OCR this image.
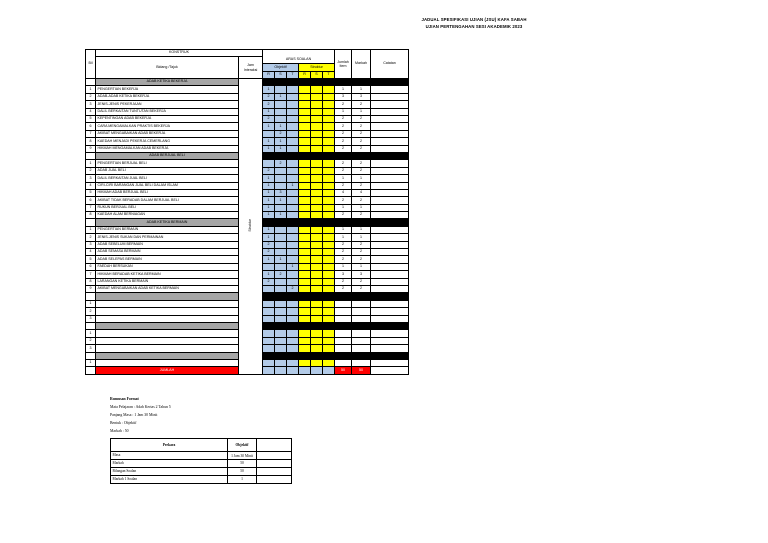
JADUAL SPESIFIKASI UJIAN (JSU) KAFA SABAH
UJIAN PERTENGAHAN SESI AKADEMIK 2023
Bil	KONSTRUK								Jumlah Item	Markah	Catatan
	Bidang /Tajuk	Jam Interaksi	ARAS SOALAN								
			Objektif			Struktur					
			R	S	T	R	S	T			
	ADAB KETIKA BEKERJA	Struktur									
1	PENGERTIAN BEKERJA		1						1	1	
2	ADAB-ADAB KETIKA BEKERJA		2	1					3	3	
3	JENIS-JENIS PEKERJAAN		2						2	2	
4	DALIL BERKAITAN TUNTUTAN BEKERJA		1						1	1	
5	KEPENTINGAN ADAB BEKERJA		2						2	2	
6	CARA MENGAMALKAN PRAKTIS BEKERJA		1	1					2	2	
7	AKIBAT MENGABAIKAN ADAB BEKERJA			2					2	2	
8	KAEDAH MENJADI PEKERJA CEMERLANG		1	1					2	2	
9	HIKMAH MENGAMALKAN ADAB BEKERJA		1	1					2	2	
	ADAB BERJUAL BELI										
1	PENGERTIAN BERJUAL BELI			2					2	2	
2	ADAB JUAL BELI		2						2	2	
3	DALIL BERKAITAN JUAL BELI		1						1	1	
4	CIRI-CIRI BARANGAN JUAL BELI DALAM ISLAM		1		1				2	2	
5	HIKMAH ADAB BERJUAL BELI		1	3					4	4	
6	AKIBAT TIDAK BERADAB DALAM BERJUAL BELI		1	1					2	2	
7	RUKUN BERJUAL BELI		1						1	1	
8	KAEDAH ALAM BERNIAGAN		1	1					2	2	
	ADAB KETIKA BERMAIN										
1	PENGERTIAN BERMAIN		1						1	1	
2	JENIS-JENIS SUKAN DAN PERMAINAN		1						1	1	
3	ADAB SEBELUM BERMAIN		2						2	2	
4	ADAB SEMASA BERMAIN		2						2	2	
5	ADAB SELEPAS BERMAIN		1	1					2	2	
6	FAEDAH BERSUKAN				1				1	1	
7	HIKMAH BERADAB KETIKA BERMAIN		1	2					3	3	
8	LARANGAN KETIKA BERMAIN		2						2	2	
9	AKIBAT MENGABAIKAN ADAB KETIKA BERMAIN				2				2	2	

1											
2											
3											

1											
2											
3											

1											
	JUMLAH								50	50	
Rumusan Format
Mata Pelajaran : Adab Kertas 2 Tahun 5
Panjang Masa : 1 Jam 30 Minit
Bentuk : Objektif
Markah : 50
Perkara	Objektif	
Masa	1 Jam 30 Minit	
Markah	50	
Bilangan Soalan	50	
Markah 1 Soalan	1	
